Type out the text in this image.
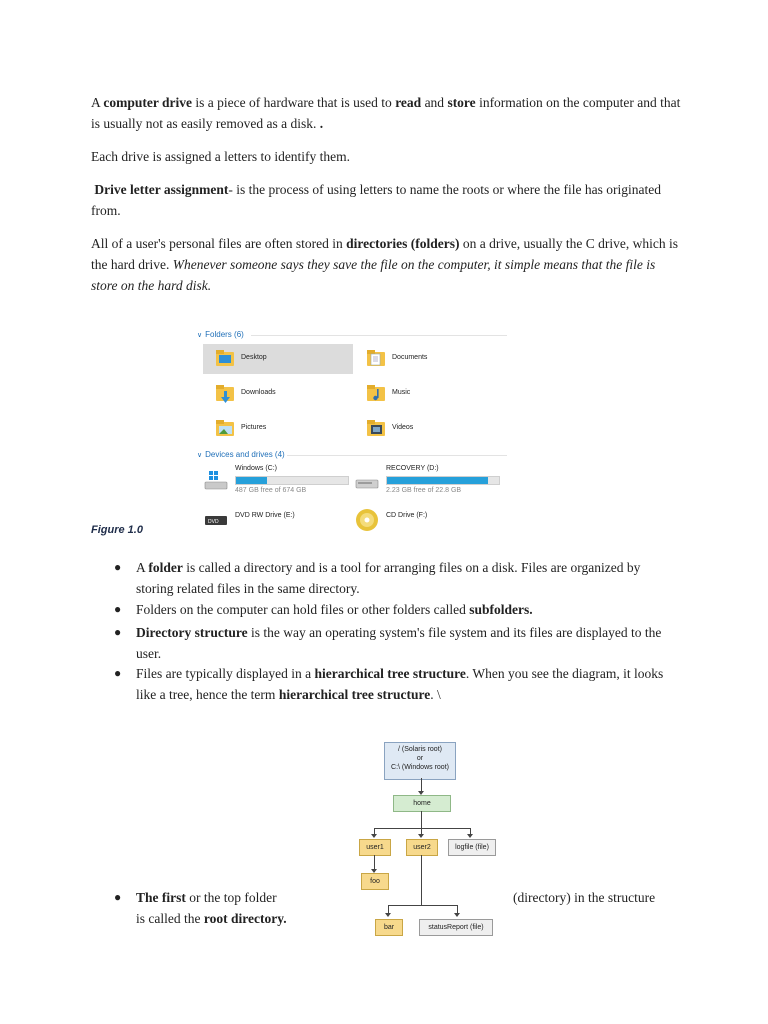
A computer drive is a piece of hardware that is used to read and store information on the computer and that is usually not as easily removed as a disk. .

Each drive is assigned a letters to identify them.

Drive letter assignment- is the process of using letters to name the roots or where the file has originated from.

All of a user's personal files are often stored in directories (folders) on a drive, usually the C drive, which is the hard drive. Whenever someone says they save the file on the computer, it simple means that the file is store on the hard disk.

∨ Folders (6)
Desktop	Documents
Downloads	Music
Pictures	Videos
∨ Devices and drives (4)
Windows (C:)
487 GB free of 674 GB
RECOVERY (D:)
2.23 GB free of 22.8 GB
DVD
DVD RW Drive (E:)	CD Drive (F:)
Figure 1.0

● A folder is called a directory and is a tool for arranging files on a disk. Files are organized by storing related files in the same directory.

● Folders on the computer can hold files or other folders called subfolders.

● Directory structure is the way an operating system's file system and its files are displayed to the user.

● Files are typically displayed in a hierarchical tree structure. When you see the diagram, it looks like a tree, hence the term hierarchical tree structure. \

● The first or the top folder	(directory) in the structure
is called the root directory.
/ (Solaris root)
or
C:\ (Windows root)
home
user1	user2	logfile (file)
foo
bar	statusReport (file)
